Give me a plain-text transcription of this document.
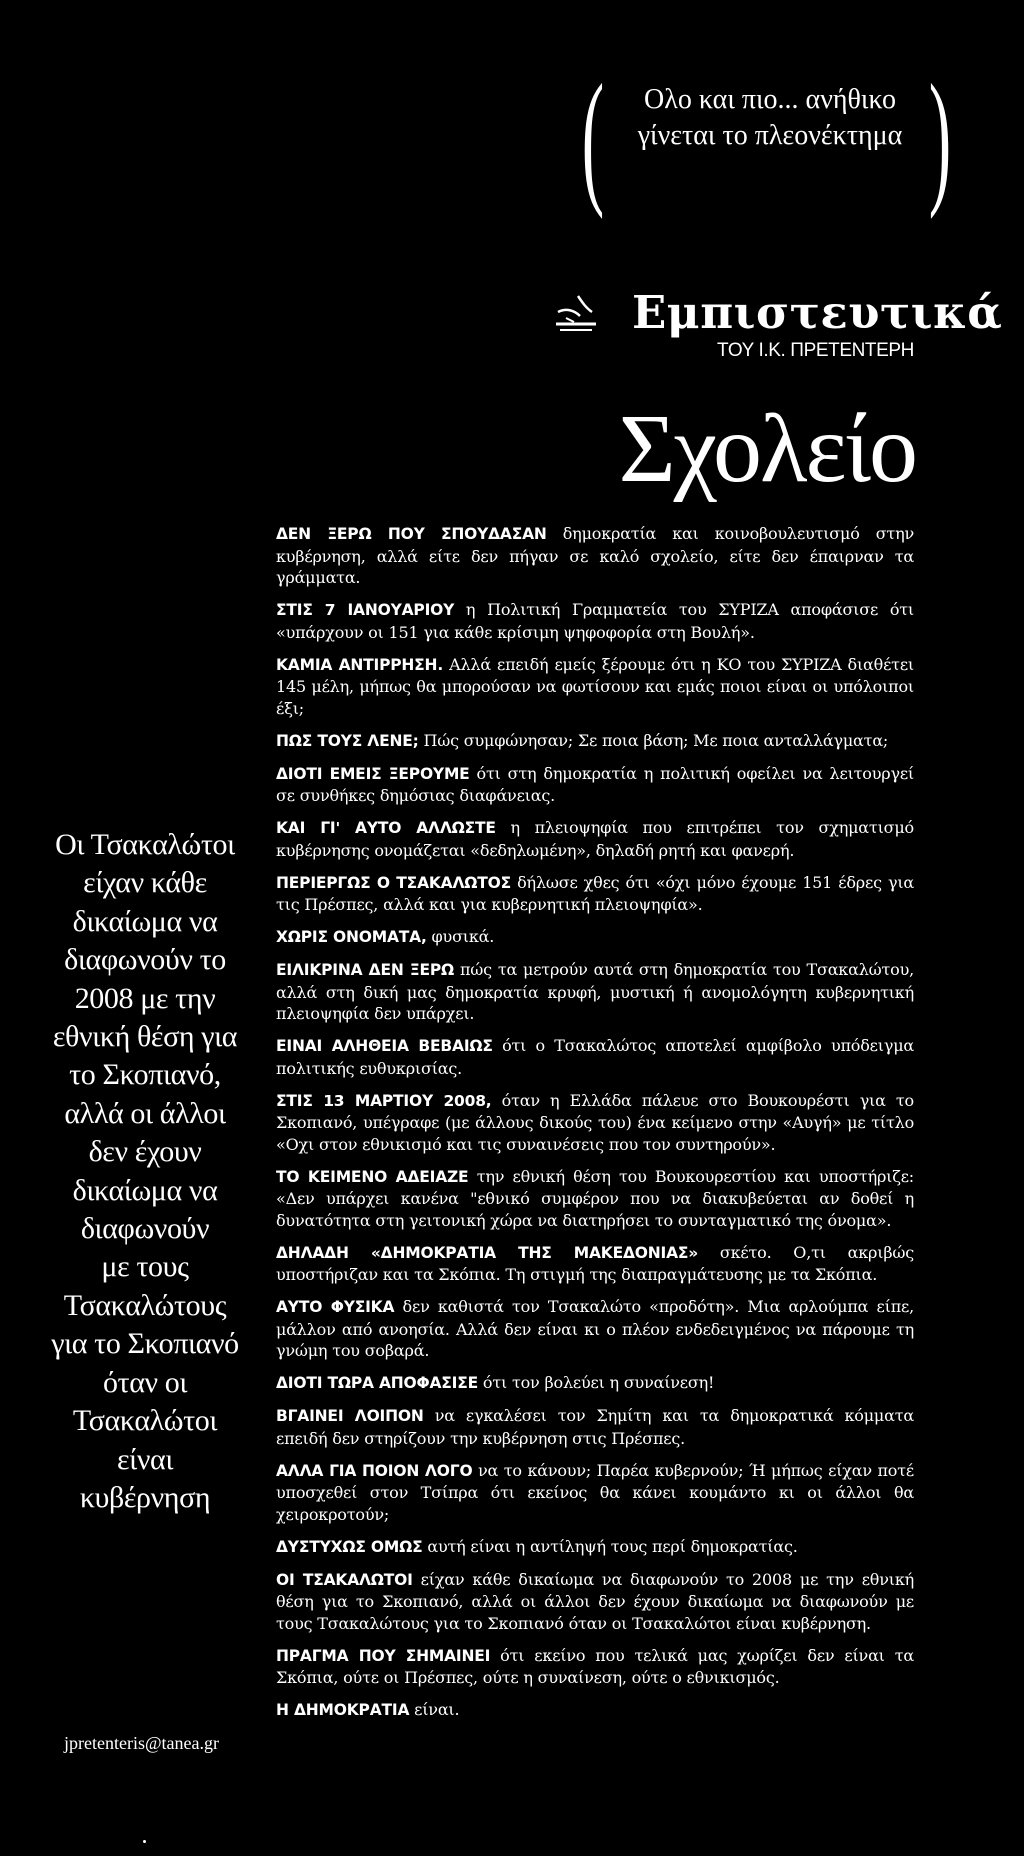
(	Ολο και πιο... ανήθικο
γίνεται το πλεονέκτημα )
Εμπιστευτικά
ΤΟΥ Ι.Κ. ΠΡΕΤΕΝΤΕΡΗ
Σχολείο
Οι Τσακαλώτοι
είχαν κάθε
δικαίωμα να
διαφωνούν το
2008 με την
εθνική θέση για
το Σκοπιανό,
αλλά οι άλλοι
δεν έχουν
δικαίωμα να
διαφωνούν
με τους
Τσακαλώτους
για το Σκοπιανό
όταν οι
Τσακαλώτοι
είναι
κυβέρνηση
jpretenteris@tanea.gr

ΔΕΝ ΞΕΡΩ ΠΟΥ ΣΠΟΥΔΑΣΑΝ δημοκρατία και κοινοβουλευτισμό στην κυβέρνηση, αλλά είτε δεν πήγαν σε καλό σχολείο, είτε δεν έπαιρναν τα γράμματα.

ΣΤΙΣ 7 ΙΑΝΟΥΑΡΙΟΥ η Πολιτική Γραμματεία του ΣΥΡΙΖΑ αποφάσισε ότι «υπάρχουν οι 151 για κάθε κρίσιμη ψηφοφορία στη Βουλή».

ΚΑΜΙΑ ΑΝΤΙΡΡΗΣΗ. Αλλά επειδή εμείς ξέρουμε ότι η ΚΟ του ΣΥΡΙΖΑ διαθέτει 145 μέλη, μήπως θα μπορούσαν να φωτίσουν και εμάς ποιοι είναι οι υπόλοιποι έξι;

ΠΩΣ ΤΟΥΣ ΛΕΝΕ; Πώς συμφώνησαν; Σε ποια βάση; Με ποια ανταλλάγματα;

ΔΙΟΤΙ ΕΜΕΙΣ ΞΕΡΟΥΜΕ ότι στη δημοκρατία η πολιτική οφείλει να λειτουργεί σε συνθήκες δημόσιας διαφάνειας.

ΚΑΙ ΓΙ' ΑΥΤΟ ΑΛΛΩΣΤΕ η πλειοψηφία που επιτρέπει τον σχηματισμό κυβέρνησης ονομάζεται «δεδηλωμένη», δηλαδή ρητή και φανερή.

ΠΕΡΙΕΡΓΩΣ Ο ΤΣΑΚΑΛΩΤΟΣ δήλωσε χθες ότι «όχι μόνο έχουμε 151 έδρες για τις Πρέσπες, αλλά και για κυβερνητική πλειοψηφία».

ΧΩΡΙΣ ΟΝΟΜΑΤΑ, φυσικά.

ΕΙΛΙΚΡΙΝΑ ΔΕΝ ΞΕΡΩ πώς τα μετρούν αυτά στη δημοκρατία του Τσακαλώτου, αλλά στη δική μας δημοκρατία κρυφή, μυστική ή ανομολόγητη κυβερνητική πλειοψηφία δεν υπάρχει.

ΕΙΝΑΙ ΑΛΗΘΕΙΑ ΒΕΒΑΙΩΣ ότι ο Τσακαλώτος αποτελεί αμφίβολο υπόδειγμα πολιτικής ευθυκρισίας.

ΣΤΙΣ 13 ΜΑΡΤΙΟΥ 2008, όταν η Ελλάδα πάλευε στο Βουκουρέστι για το Σκοπιανό, υπέγραφε (με άλλους δικούς του) ένα κείμενο στην «Αυγή» με τίτλο «Οχι στον εθνικισμό και τις συναινέσεις που τον συντηρούν».

ΤΟ ΚΕΙΜΕΝΟ ΑΔΕΙΑΖΕ την εθνική θέση του Βουκουρεστίου και υποστήριζε: «Δεν υπάρχει κανένα "εθνικό συμφέρον που να διακυβεύεται αν δοθεί η δυνατότητα στη γειτονική χώρα να διατηρήσει το συνταγματικό της όνομα».

ΔΗΛΑΔΗ «ΔΗΜΟΚΡΑΤΙΑ ΤΗΣ ΜΑΚΕΔΟΝΙΑΣ» σκέτο. Ο,τι ακριβώς υποστήριζαν και τα Σκόπια. Τη στιγμή της διαπραγμάτευσης με τα Σκόπια.

ΑΥΤΟ ΦΥΣΙΚΑ δεν καθιστά τον Τσακαλώτο «προδότη». Μια αρλούμπα είπε, μάλλον από ανοησία. Αλλά δεν είναι κι ο πλέον ενδεδειγμένος να πάρουμε τη γνώμη του σοβαρά.

ΔΙΟΤΙ ΤΩΡΑ ΑΠΟΦΑΣΙΣΕ ότι τον βολεύει η συναίνεση!

ΒΓΑΙΝΕΙ ΛΟΙΠΟΝ να εγκαλέσει τον Σημίτη και τα δημοκρατικά κόμματα επειδή δεν στηρίζουν την κυβέρνηση στις Πρέσπες.

ΑΛΛΑ ΓΙΑ ΠΟΙΟΝ ΛΟΓΟ να το κάνουν; Παρέα κυβερνούν; Ή μήπως είχαν ποτέ υποσχεθεί στον Τσίπρα ότι εκείνος θα κάνει κουμάντο κι οι άλλοι θα χειροκροτούν;

ΔΥΣΤΥΧΩΣ ΟΜΩΣ αυτή είναι η αντίληψή τους περί δημοκρατίας.

ΟΙ ΤΣΑΚΑΛΩΤΟΙ είχαν κάθε δικαίωμα να διαφωνούν το 2008 με την εθνική θέση για το Σκοπιανό, αλλά οι άλλοι δεν έχουν δικαίωμα να διαφωνούν με τους Τσακαλώτους για το Σκοπιανό όταν οι Τσακαλώτοι είναι κυβέρνηση.

ΠΡΑΓΜΑ ΠΟΥ ΣΗΜΑΙΝΕΙ ότι εκείνο που τελικά μας χωρίζει δεν είναι τα Σκόπια, ούτε οι Πρέσπες, ούτε η συναίνεση, ούτε ο εθνικισμός.

Η ΔΗΜΟΚΡΑΤΙΑ είναι.
